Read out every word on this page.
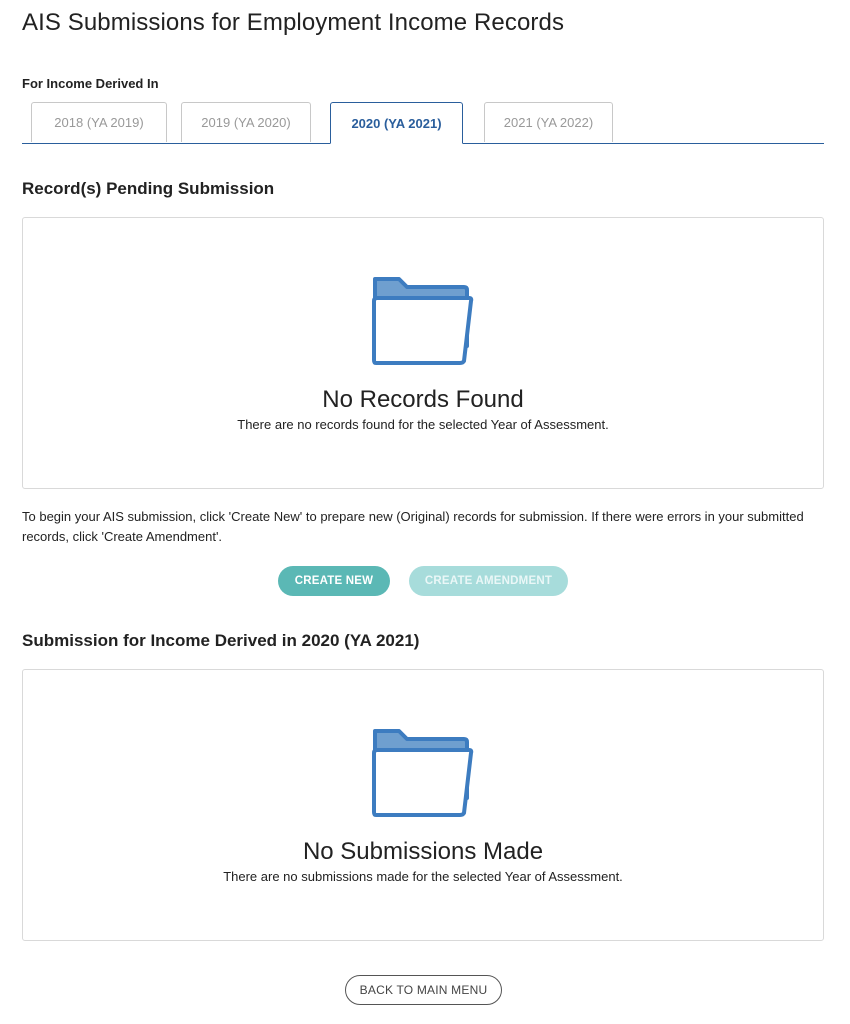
AIS Submissions for Employment Income Records
For Income Derived In
2018 (YA 2019)	2019 (YA 2020)	2020 (YA 2021)	2021 (YA 2022)
Record(s) Pending Submission
No Records Found
There are no records found for the selected Year of Assessment.
To begin your AIS submission, click 'Create New' to prepare new (Original) records for submission. If there were errors in your submitted records, click 'Create Amendment'.
CREATE NEW	CREATE AMENDMENT
Submission for Income Derived in 2020 (YA 2021)
No Submissions Made
There are no submissions made for the selected Year of Assessment.
BACK TO MAIN MENU
